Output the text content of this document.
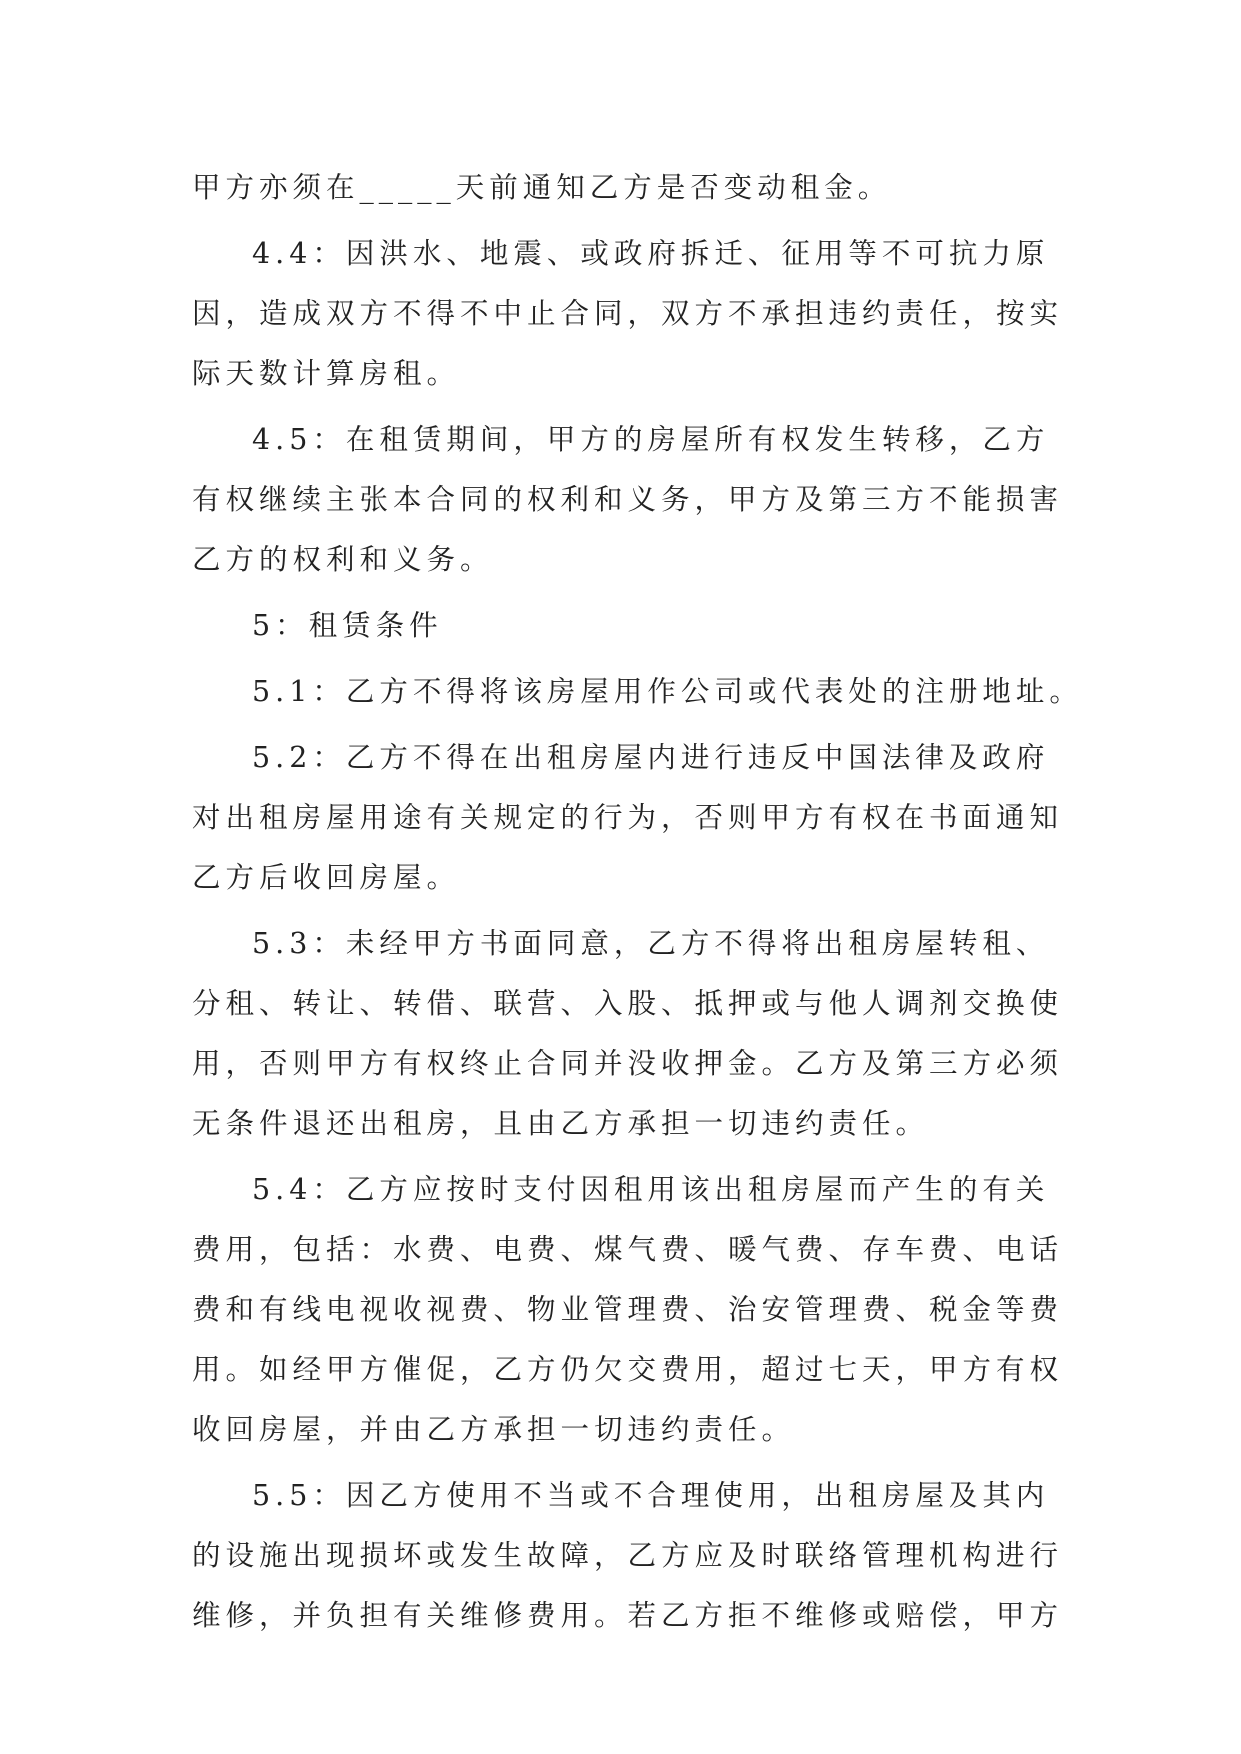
甲方亦须在_____天前通知乙方是否变动租金。

4.4：因洪水、地震、或政府拆迁、征用等不可抗力原

因，造成双方不得不中止合同，双方不承担违约责任，按实

际天数计算房租。

4.5：在租赁期间，甲方的房屋所有权发生转移，乙方

有权继续主张本合同的权利和义务，甲方及第三方不能损害

乙方的权利和义务。

5：租赁条件

5.1：乙方不得将该房屋用作公司或代表处的注册地址。

5.2：乙方不得在出租房屋内进行违反中国法律及政府

对出租房屋用途有关规定的行为，否则甲方有权在书面通知

乙方后收回房屋。

5.3：未经甲方书面同意，乙方不得将出租房屋转租、

分租、转让、转借、联营、入股、抵押或与他人调剂交换使

用，否则甲方有权终止合同并没收押金。乙方及第三方必须

无条件退还出租房，且由乙方承担一切违约责任。

5.4：乙方应按时支付因租用该出租房屋而产生的有关

费用，包括：水费、电费、煤气费、暖气费、存车费、电话

费和有线电视收视费、物业管理费、治安管理费、税金等费

用。如经甲方催促，乙方仍欠交费用，超过七天，甲方有权

收回房屋，并由乙方承担一切违约责任。

5.5：因乙方使用不当或不合理使用，出租房屋及其内

的设施出现损坏或发生故障，乙方应及时联络管理机构进行

维修，并负担有关维修费用。若乙方拒不维修或赔偿，甲方
